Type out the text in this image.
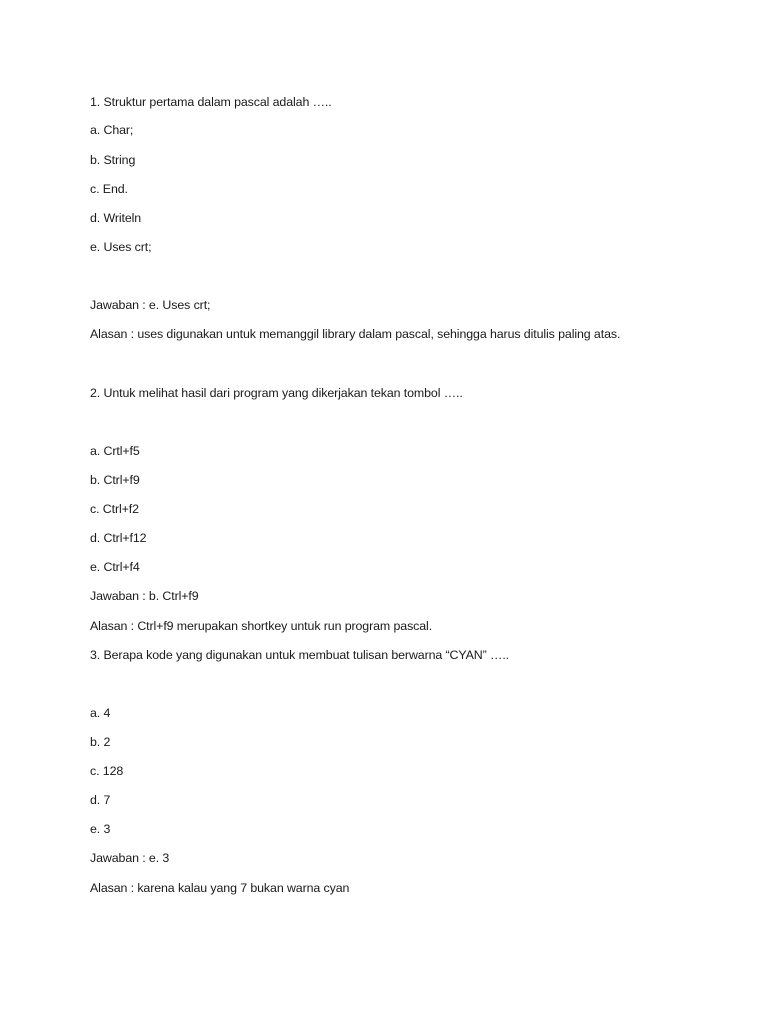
1. Struktur pertama dalam pascal adalah …..
a. Char;
b. String
c. End.
d. Writeln
e. Uses crt;
Jawaban : e. Uses crt;
Alasan : uses digunakan untuk memanggil library dalam pascal, sehingga harus ditulis paling atas.
2. Untuk melihat hasil dari program yang dikerjakan tekan tombol …..
a. Crtl+f5
b. Ctrl+f9
c. Ctrl+f2
d. Ctrl+f12
e. Ctrl+f4
Jawaban : b. Ctrl+f9
Alasan : Ctrl+f9 merupakan shortkey untuk run program pascal.
3. Berapa kode yang digunakan untuk membuat tulisan berwarna “CYAN” …..
a. 4
b. 2
c. 128
d. 7
e. 3
Jawaban : e. 3
Alasan : karena kalau yang 7 bukan warna cyan
